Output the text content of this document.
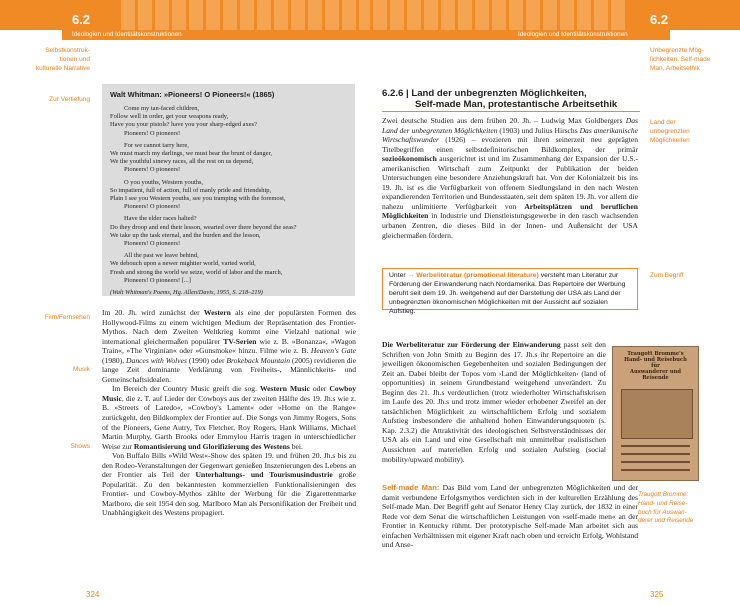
6.2
Ideologien und Identitätskonstruktionen
Selbstkonstruk-
tionen und
kulturelle Narrative
Zur Vertiefung
Walt Whitman: »Pioneers! O Pioneers!« (1865)
Come my tan-faced children,
Follow well in order, get your weapons ready,
Have you your pistols? have you your sharp-edged axes?
Pioneers! O pioneers!
For we cannot tarry here,
We must march my darlings, we must bear the brunt of danger,
We the youthful sinewy races, all the rest on us depend,
Pioneers! O pioneers!
O you youths, Western youths,
So impatient, full of action, full of manly pride and friendship,
Plain I see you Western youths, see you tramping with the foremost,
Pioneers! O pioneers!
Have the elder races halted?
Do they droop and end their lesson, wearied over there beyond the seas?
We take up the task eternal, and the burden and the lesson,
Pioneers! O pioneers!
All the past we leave behind,
We debouch upon a newer mightier world, varied world,
Fresh and strong the world we seize, world of labor and the march,
Pioneers! O pioneers! [...]
(Walt Whitman's Poems, Hg. Allen/Davis, 1955, S. 218–219)
Film/Fernsehen
Musik
Shows

Im 20. Jh. wird zunächst der Western als eine der populärsten Formen des Hollywood-Films zu einem wichtigen Medium der Repräsentation des Frontier-Mythos. Nach dem Zweiten Weltkrieg kommt eine Vielzahl national wie international gleichermaßen populärer TV-Serien wie z. B. »Bonanza«, »Wagon Train«, »The Virginian« oder »Gunsmoke« hinzu. Filme wie z. B. Heaven's Gate (1980), Dances with Wolves (1990) oder Brokeback Mountain (2005) revidieren die lange Zeit dominante Verklärung von Freiheits-, Männlichkeits- und Gemeinschaftsidealen.

Im Bereich der Country Music greift die sog. Western Music oder Cowboy Music, die z. T. auf Lieder der Cowboys aus der zweiten Hälfte des 19. Jh.s wie z. B. »Streets of Laredo«, »Cowboy's Lament« oder »Home on the Range« zurückgeht, den Bildkomplex der Frontier auf. Die Songs von Jimmy Rogers, Sons of the Pioneers, Gene Autry, Tex Fletcher, Roy Rogers, Hank Williams, Michael Martin Murphy, Garth Brooks oder Emmylou Harris tragen in unterschiedlicher Weise zur Romantisierung und Glorifizierung des Westens bei.

Von Buffalo Bills »Wild West«-Show des späten 19. und frühen 20. Jh.s bis zu den Rodeo-Veranstaltungen der Gegenwart genießen Inszenierungen des Lebens an der Frontier als Teil der Unterhaltungs- und Tourismusindustrie große Popularität. Zu den bekanntesten kommerziellen Funktionalisierungen des Frontier- und Cowboy-Mythos zählte der Werbung für die Zigarettenmarke Marlboro, die seit 1954 den sog. Marlboro Man als Personifikation der Freiheit und Unabhängigkeit des Westens propagiert.

324
6.2
Ideologien und Identitätskonstruktionen
Unbegrenzte Mög-
lichkeiten, Self-made
Man, Arbeitsethik
6.2.6 | Land der unbegrenzten Möglichkeiten,
Self-made Man, protestantische Arbeitsethik
Land der
unbegrenzten
Möglichkeiten

Zwei deutsche Studien aus dem frühen 20. Jh. – Ludwig Max Goldbergers Das Land der unbegrenzten Möglichkeiten (1903) und Julius Hirschs Das amerikanische Wirtschaftswunder (1926) – evozieren mit ihren seinerzeit neu geprägten Titelbegriffen einen selbstdefinitorischen Bildkomplex, der primär sozioökonomisch ausgerichtet ist und im Zusammenhang der Expansion der U.S.-amerikanischen Wirtschaft zum Zeitpunkt der Publikation der beiden Untersuchungen eine besondere Anziehungskraft hat. Von der Kolonialzeit bis ins 19. Jh. ist es die Verfügbarkeit von offenem Siedlungsland in den nach Westen expandierenden Territorien und Bundesstaaten, seit dem späten 19. Jh. vor allem die nahezu unlimitierte Verfügbarkeit von Arbeitsplätzen und beruflichen Möglichkeiten in Industrie und Dienstleistungsgewerbe in den rasch wachsenden urbanen Zentren, die dieses Bild in der Innen- und Außensicht der USA gleichermaßen fördern.

Unter → Werbeliteratur (promotional literature) versteht man Literatur zur Förderung der Einwanderung nach Nordamerika. Das Repertoire der Werbung beruht seit dem 19. Jh. weitgehend auf der Darstellung der USA als Land der unbegrenzten ökonomischen Möglichkeiten mit der Aussicht auf sozialen Aufstieg.
Zum Begriff

Die Werbeliteratur zur Förderung der Einwanderung passt seit den Schriften von John Smith zu Beginn des 17. Jh.s ihr Repertoire an die jeweiligen ökonomischen Gegebenheiten und sozialen Bedingungen der Zeit an. Dabei bleibt der Topos vom ›Land der Möglichkeiten‹ (land of opportunities) in seinem Grundbestand weitgehend unverändert. Zu Beginn des 21. Jh.s verdeutlichen (trotz wiederholter Wirtschaftskrisen im Laufe des 20. Jh.s und trotz immer wieder erhobener Zweifel an der tatsächlichen Möglichkeit zu wirtschaftlichem Erfolg und sozialem Aufstieg insbesondere die anhaltend hohen Einwanderungsquoten (s. Kap. 2.3.2) die Attraktivität des ideologischen Selbstverständnisses der USA als ein Land und eine Gesellschaft mit unmittelbar realistischen Aussichten auf materiellen Erfolg und sozialen Aufstieg (social mobility/upward mobility).

Traugott Bromme's
Hand- und Reisebuch
für
Auswanderer und Reisende

Self-made Man: Das Bild vom Land der unbegrenzten Möglichkeiten und der damit verbundene Erfolgsmythos verdichten sich in der kulturellen Erzählung des Self-made Man. Der Begriff geht auf Senator Henry Clay zurück, der 1832 in einer Rede vor dem Senat die wirtschaftlichen Leistungen von »self-made men« an der Frontier in Kentucky rühmt. Der prototypische Self-made Man arbeitet sich aus einfachen Verhältnissen mit eigener Kraft nach oben und erreicht Erfolg, Wohlstand und Anse-

Traugott Bromme:
Hand- und Reise-
buch für Auswan-
derer und Reisende
325
